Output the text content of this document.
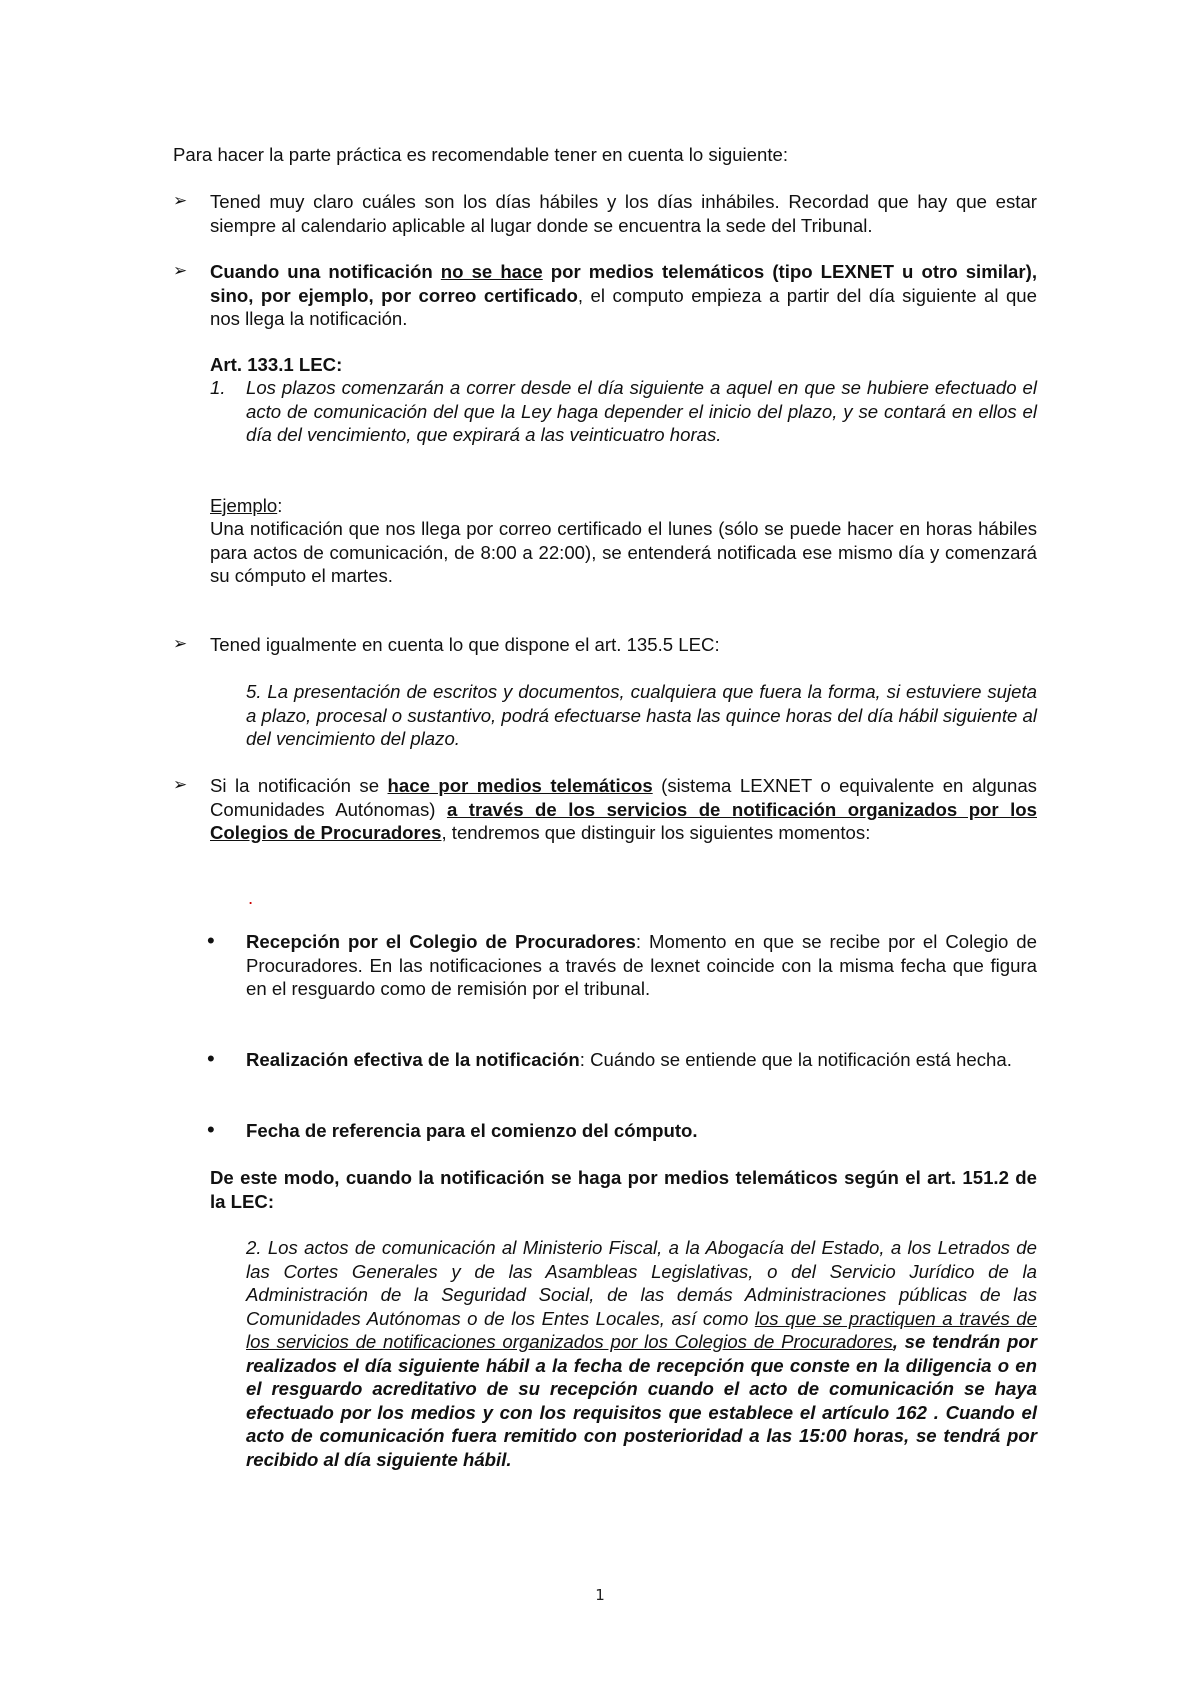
Para hacer la parte práctica es recomendable tener en cuenta lo siguiente:

➢ Tened muy claro cuáles son los días hábiles y los días inhábiles. Recordad que hay que estar siempre al calendario aplicable al lugar donde se encuentra la sede del Tribunal.

➢ Cuando una notificación no se hace por medios telemáticos (tipo LEXNET u otro similar), sino, por ejemplo, por correo certificado, el computo empieza a partir del día siguiente al que nos llega la notificación.

Art. 133.1 LEC:

1. Los plazos comenzarán a correr desde el día siguiente a aquel en que se hubiere efectuado el acto de comunicación del que la Ley haga depender el inicio del plazo, y se contará en ellos el día del vencimiento, que expirará a las veinticuatro horas.

Ejemplo:

Una notificación que nos llega por correo certificado el lunes (sólo se puede hacer en horas hábiles para actos de comunicación, de 8:00 a 22:00), se entenderá notificada ese mismo día y comenzará su cómputo el martes.

➢ Tened igualmente en cuenta lo que dispone el art. 135.5 LEC:

5. La presentación de escritos y documentos, cualquiera que fuera la forma, si estuviere sujeta a plazo, procesal o sustantivo, podrá efectuarse hasta las quince horas del día hábil siguiente al del vencimiento del plazo.

➢ Si la notificación se hace por medios telemáticos (sistema LEXNET o equivalente en algunas Comunidades Autónomas) a través de los servicios de notificación organizados por los Colegios de Procuradores, tendremos que distinguir los siguientes momentos:

.
• Recepción por el Colegio de Procuradores: Momento en que se recibe por el Colegio de Procuradores. En las notificaciones a través de lexnet coincide con la misma fecha que figura en el resguardo como de remisión por el tribunal.

• Realización efectiva de la notificación: Cuándo se entiende que la notificación está hecha.

• Fecha de referencia para el comienzo del cómputo.

De este modo, cuando la notificación se haga por medios telemáticos según el art. 151.2 de la LEC:

2. Los actos de comunicación al Ministerio Fiscal, a la Abogacía del Estado, a los Letrados de las Cortes Generales y de las Asambleas Legislativas, o del Servicio Jurídico de la Administración de la Seguridad Social, de las demás Administraciones públicas de las Comunidades Autónomas o de los Entes Locales, así como los que se practiquen a través de los servicios de notificaciones organizados por los Colegios de Procuradores, se tendrán por realizados el día siguiente hábil a la fecha de recepción que conste en la diligencia o en el resguardo acreditativo de su recepción cuando el acto de comunicación se haya efectuado por los medios y con los requisitos que establece el artículo 162 . Cuando el acto de comunicación fuera remitido con posterioridad a las 15:00 horas, se tendrá por recibido al día siguiente hábil.

1
